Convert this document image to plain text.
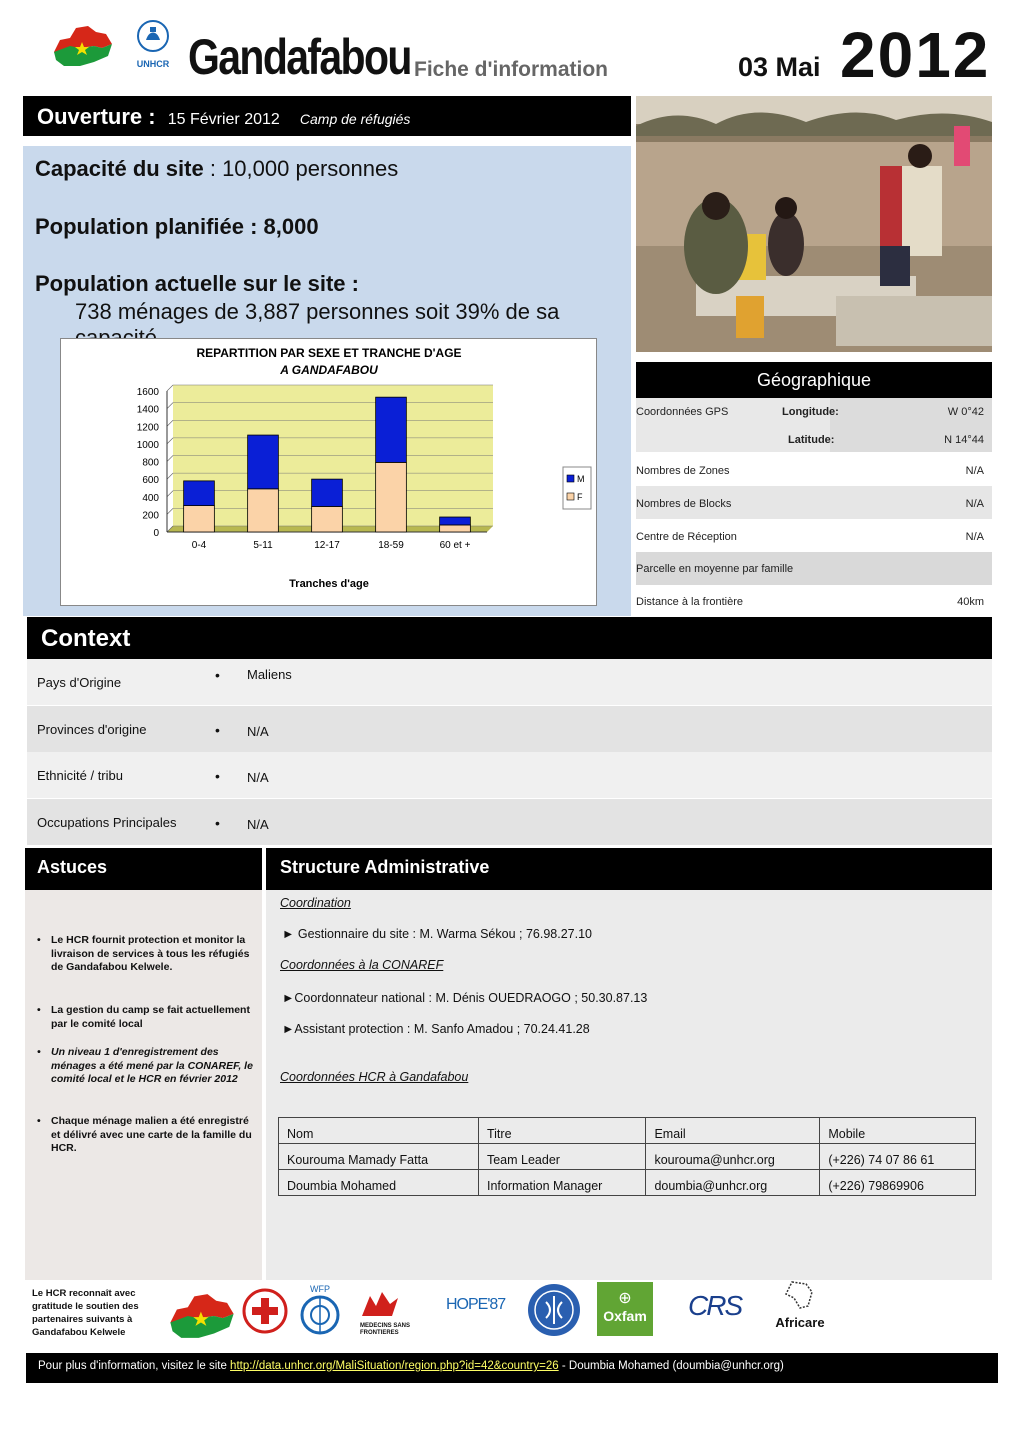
UNHCR Gandafabou Fiche d'information	03 Mai 2012
Ouverture : 15 Février 2012 Camp de réfugiés
Capacité du site : 10,000 personnes
Population planifiée : 8,000
Population actuelle sur le site :
738 ménages de 3,887 personnes soit 39% de sa
REPARTITION PAR SEXE ET TRANCHE D'AGE
A GANDAFABOU
0
200
400
600
800
1000
1200
1400
1600
0-4	5-11	12-17	18-59	60 et +
Tranches d'age
M
F
Géographique
Coordonnées GPS	Longitude:	W 0°42
Latitude:	N 14°44
Nombres de Zones	N/A
Nombres de Blocks	N/A
Centre de Réception	N/A
Parcelle en moyenne par famille
Distance à la frontière	40km
Context
Pays d'Origine	• Maliens
Provinces d'origine	• N/A
Ethnicité / tribu	• N/A
Occupations Principales	• N/A
Astuces
• Le HCR fournit protection et monitor la livraison de services à tous les réfugiés de Gandafabou Kelwele.
• La gestion du camp se fait actuellement par le comité local
• Un niveau 1 d'enregistrement des ménages a été mené par la CONAREF, le comité local et le HCR en février 2012
• Chaque ménage malien a été enregistré et délivré avec une carte de la famille du HCR.
Structure Administrative
Coordination
► Gestionnaire du site : M. Warma Sékou ; 76.98.27.10
Coordonnées à la CONAREF
►Coordonnateur national : M. Dénis OUEDRAOGO ; 50.30.87.13
►Assistant protection : M. Sanfo Amadou ; 70.24.41.28
Coordonnées HCR à Gandafabou
Nom	Titre	Email	Mobile
Kourouma Mamady Fatta	Team Leader	kourouma@unhcr.org	(+226) 74 07 86 61
Doumbia Mohamed	Information Manager	doumbia@unhcr.org	(+226) 79869906
Le HCR reconnaît avec gratitude le soutien des partenaires suivants à Gandafabou Kelwele
WFP
MEDECINS SANS FRONTIERES
HOPE'87	⊕
Oxfam CRS
Africare
Pour plus d'information, visitez le site http://data.unhcr.org/MaliSituation/region.php?id=42&country=26 - Doumbia Mohamed (doumbia@unhcr.org)
